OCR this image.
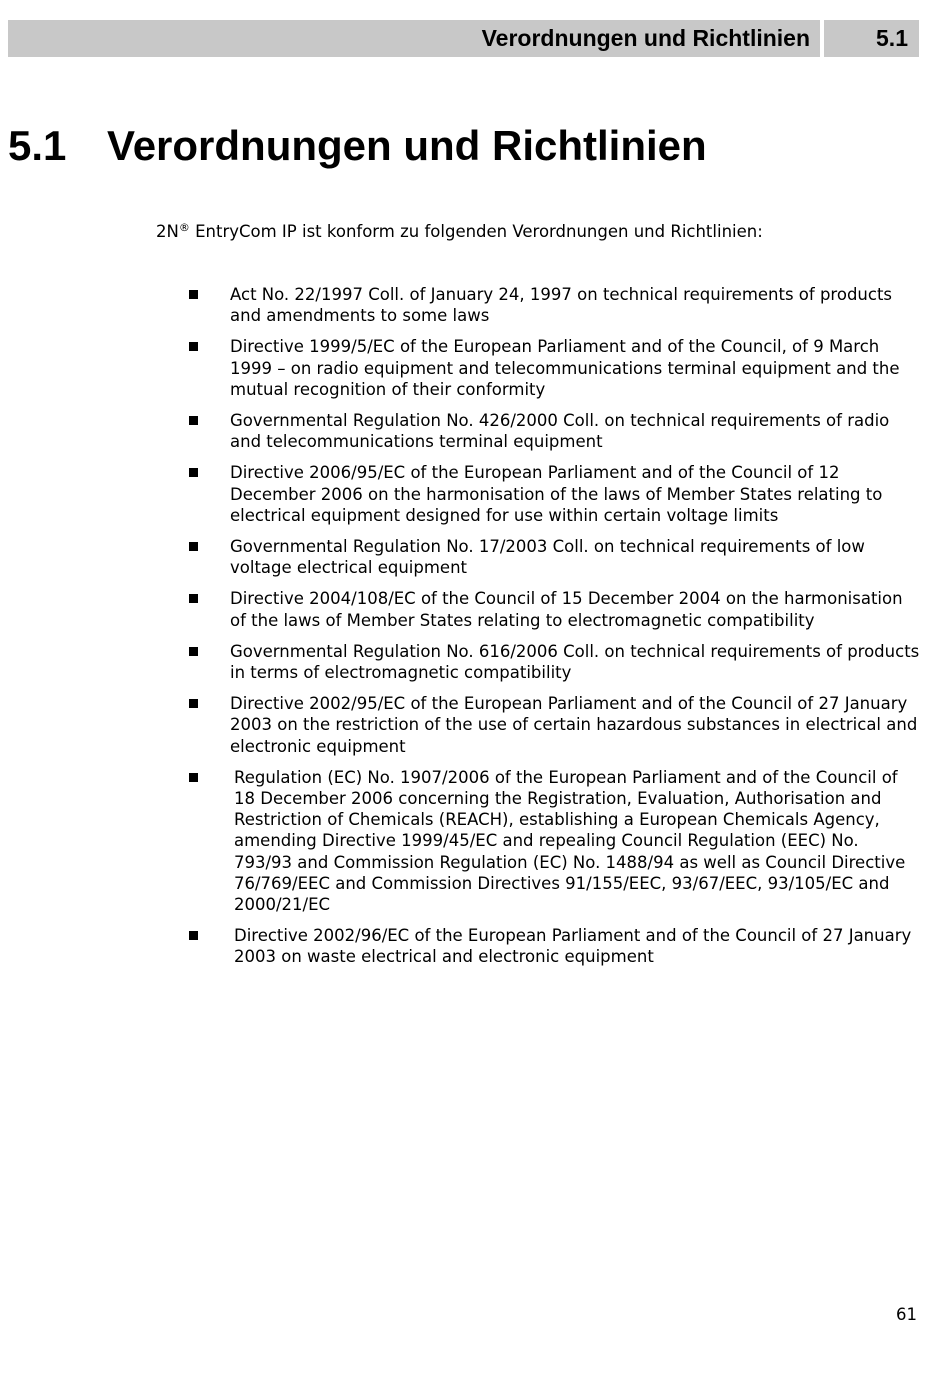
Verordnungen und Richtlinien	5.1
5.1 Verordnungen und Richtlinien

2N® EntryCom IP ist konform zu folgenden Verordnungen und Richtlinien:

Act No. 22/1997 Coll. of January 24, 1997 on technical requirements of products and amendments to some laws
Directive 1999/5/EC of the European Parliament and of the Council, of 9 March 1999 – on radio equipment and telecommunications terminal equipment and the mutual recognition of their conformity
Governmental Regulation No. 426/2000 Coll. on technical requirements of radio and telecommunications terminal equipment
Directive 2006/95/EC of the European Parliament and of the Council of 12 December 2006 on the harmonisation of the laws of Member States relating to electrical equipment designed for use within certain voltage limits
Governmental Regulation No. 17/2003 Coll. on technical requirements of low voltage electrical equipment
Directive 2004/108/EC of the Council of 15 December 2004 on the harmonisation of the laws of Member States relating to electromagnetic compatibility
Governmental Regulation No. 616/2006 Coll. on technical requirements of products in terms of electromagnetic compatibility
Directive 2002/95/EC of the European Parliament and of the Council of 27 January 2003 on the restriction of the use of certain hazardous substances in electrical and electronic equipment
Regulation (EC) No. 1907/2006 of the European Parliament and of the Council of 18 December 2006 concerning the Registration, Evaluation, Authorisation and Restriction of Chemicals (REACH), establishing a European Chemicals Agency, amending Directive 1999/45/EC and repealing Council Regulation (EEC) No. 793/93 and Commission Regulation (EC) No. 1488/94 as well as Council Directive 76/769/EEC and Commission Directives 91/155/EEC, 93/67/EEC, 93/105/EC and 2000/21/EC
Directive 2002/96/EC of the European Parliament and of the Council of 27 January 2003 on waste electrical and electronic equipment
61
